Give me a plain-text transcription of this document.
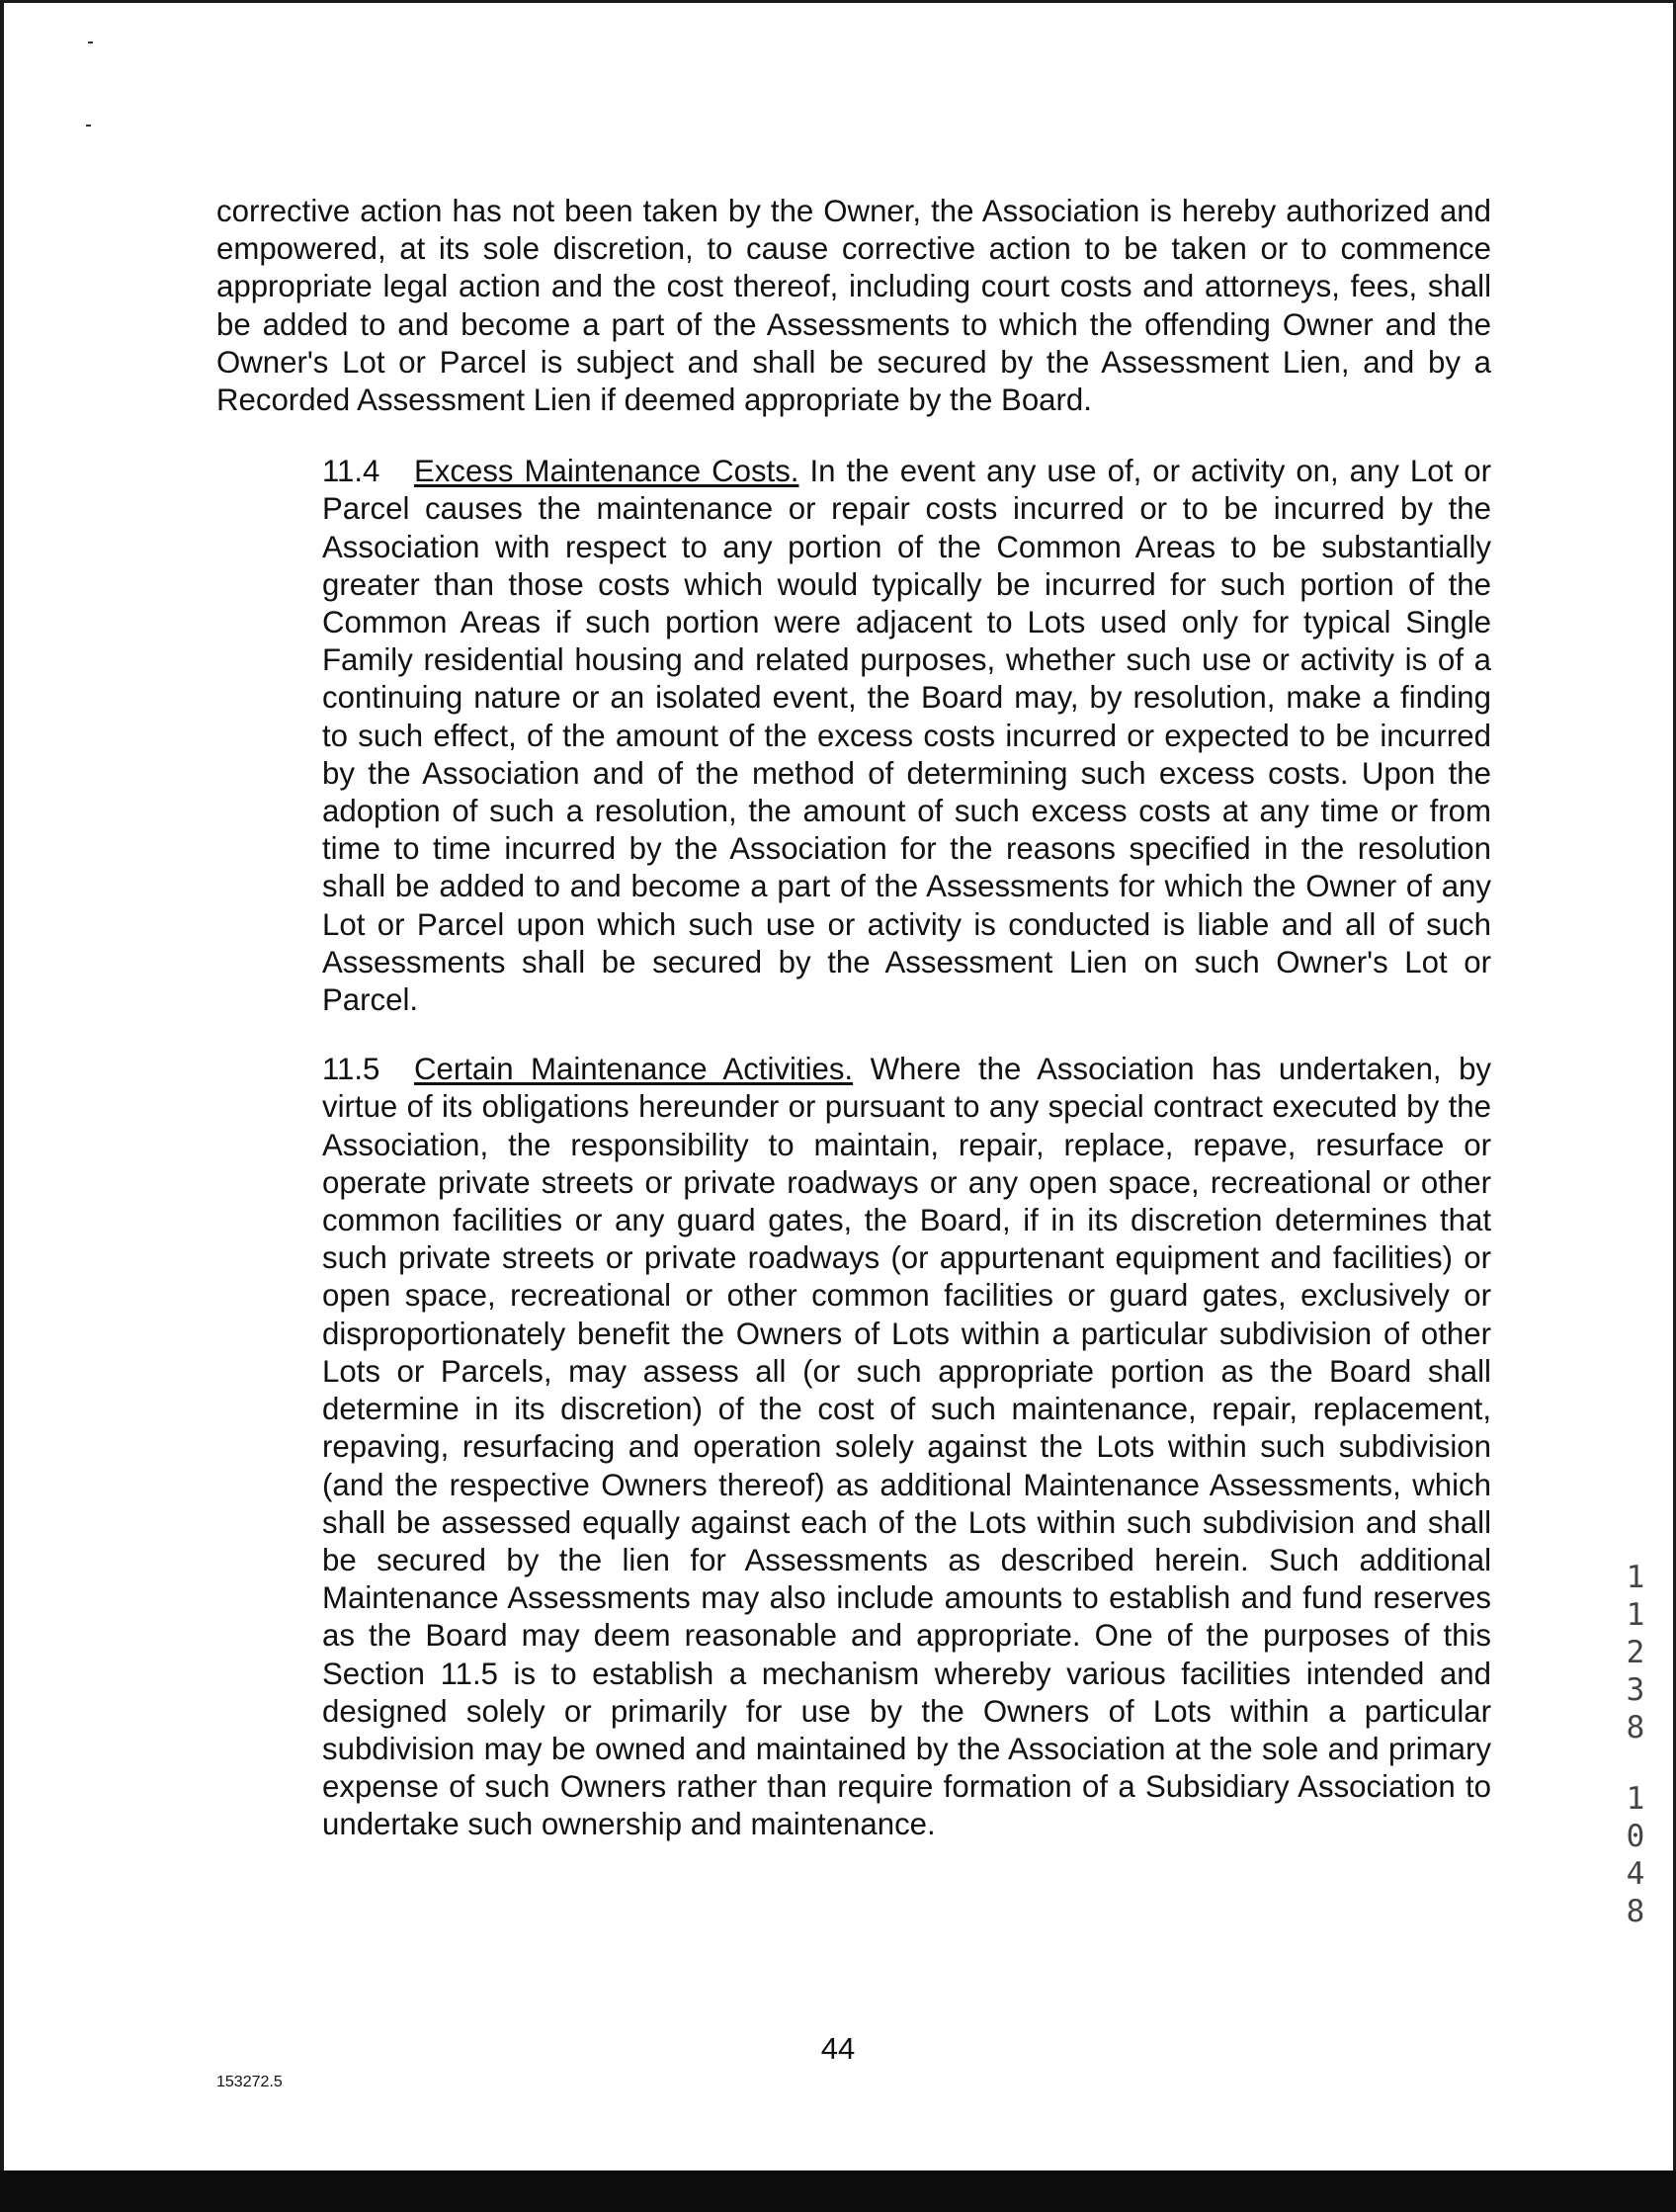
corrective action has not been taken by the Owner, the Association is hereby authorized and empowered, at its sole discretion, to cause corrective action to be taken or to commence appropriate legal action and the cost thereof, including court costs and attorneys, fees, shall be added to and become a part of the Assessments to which the offending Owner and the Owner's Lot or Parcel is subject and shall be secured by the Assessment Lien, and by a Recorded Assessment Lien if deemed appropriate by the Board.

11.4 Excess Maintenance Costs. In the event any use of, or activity on, any Lot or Parcel causes the maintenance or repair costs incurred or to be incurred by the Association with respect to any portion of the Common Areas to be substantially greater than those costs which would typically be incurred for such portion of the Common Areas if such portion were adjacent to Lots used only for typical Single Family residential housing and related purposes, whether such use or activity is of a continuing nature or an isolated event, the Board may, by resolution, make a finding to such effect, of the amount of the excess costs incurred or expected to be incurred by the Association and of the method of determining such excess costs. Upon the adoption of such a resolution, the amount of such excess costs at any time or from time to time incurred by the Association for the reasons specified in the resolution shall be added to and become a part of the Assessments for which the Owner of any Lot or Parcel upon which such use or activity is conducted is liable and all of such Assessments shall be secured by the Assessment Lien on such Owner's Lot or Parcel.

11.5 Certain Maintenance Activities. Where the Association has undertaken, by virtue of its obligations hereunder or pursuant to any special contract executed by the Association, the responsibility to maintain, repair, replace, repave, resurface or operate private streets or private roadways or any open space, recreational or other common facilities or any guard gates, the Board, if in its discretion determines that such private streets or private roadways (or appurtenant equipment and facilities) or open space, recreational or other common facilities or guard gates, exclusively or disproportionately benefit the Owners of Lots within a particular subdivision of other Lots or Parcels, may assess all (or such appropriate portion as the Board shall determine in its discretion) of the cost of such maintenance, repair, replacement, repaving, resurfacing and operation solely against the Lots within such subdivision (and the respective Owners thereof) as additional Maintenance Assessments, which shall be assessed equally against each of the Lots within such subdivision and shall be secured by the lien for Assessments as described herein. Such additional Maintenance Assessments may also include amounts to establish and fund reserves as the Board may deem reasonable and appropriate. One of the purposes of this Section 11.5 is to establish a mechanism whereby various facilities intended and designed solely or primarily for use by the Owners of Lots within a particular subdivision may be owned and maintained by the Association at the sole and primary expense of such Owners rather than require formation of a Subsidiary Association to undertake such ownership and maintenance.

1
1
2
3
8
1
0
4
8
44
153272.5
